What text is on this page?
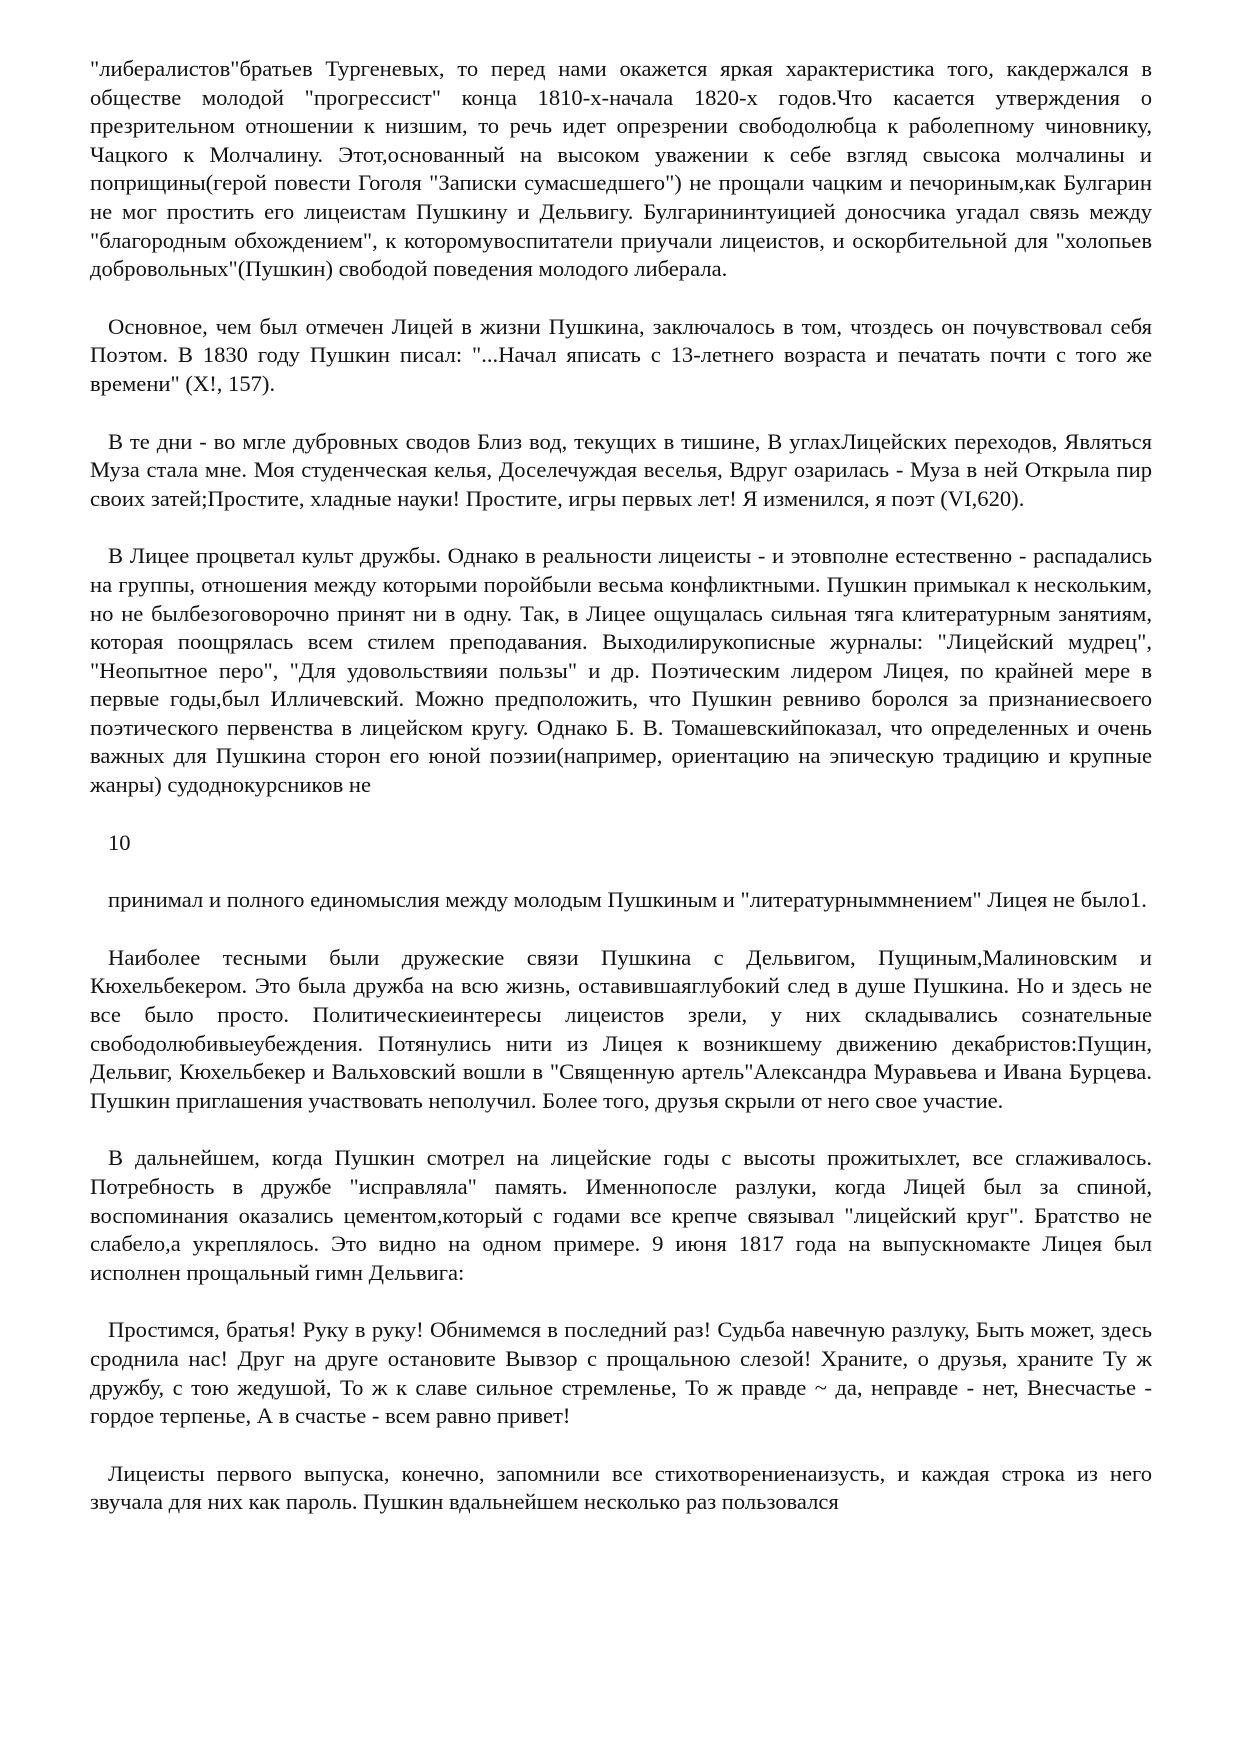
"либералистов"братьев Тургеневых, то перед нами окажется яркая характеристика того, какдержался в обществе молодой "прогрессист" конца 1810-х-начала 1820-х годов.Что касается утверждения о презрительном отношении к низшим, то речь идет опрезрении свободолюбца к раболепному чиновнику, Чацкого к Молчалину. Этот,основанный на высоком уважении к себе взгляд свысока молчалины и поприщины(герой повести Гоголя "Записки сумасшедшего") не прощали чацким и печориным,как Булгарин не мог простить его лицеистам Пушкину и Дельвигу. Булгарининтуицией доносчика угадал связь между "благородным обхождением", к которомувоспитатели приучали лицеистов, и оскорбительной для "холопьев добровольных"(Пушкин) свободой поведения молодого либерала.

Основное, чем был отмечен Лицей в жизни Пушкина, заключалось в том, чтоздесь он почувствовал себя Поэтом. В 1830 году Пушкин писал: "...Начал яписать с 13-летнего возраста и печатать почти с того же времени" (X!, 157).

В те дни - во мгле дубровных сводов Близ вод, текущих в тишине, В углахЛицейских переходов, Являться Муза стала мне. Моя студенческая келья, Доселечуждая веселья, Вдруг озарилась - Муза в ней Открыла пир своих затей;Простите, хладные науки! Простите, игры первых лет! Я изменился, я поэт (VI,620).

В Лицее процветал культ дружбы. Однако в реальности лицеисты - и этовполне естественно - распадались на группы, отношения между которыми поройбыли весьма конфликтными. Пушкин примыкал к нескольким, но не былбезоговорочно принят ни в одну. Так, в Лицее ощущалась сильная тяга клитературным занятиям, которая поощрялась всем стилем преподавания. Выходилирукописные журналы: "Лицейский мудрец", "Неопытное перо", "Для удовольствияи пользы" и др. Поэтическим лидером Лицея, по крайней мере в первые годы,был Илличевский. Можно предположить, что Пушкин ревниво боролся за признаниесвоего поэтического первенства в лицейском кругу. Однако Б. В. Томашевскийпоказал, что определенных и очень важных для Пушкина сторон его юной поэзии(например, ориентацию на эпическую традицию и крупные жанры) судоднокурсников не

10

принимал и полного единомыслия между молодым Пушкиным и "литературныммнением" Лицея не было1.

Наиболее тесными были дружеские связи Пушкина с Дельвигом, Пущиным,Малиновским и Кюхельбекером. Это была дружба на всю жизнь, оставившаяглубокий след в душе Пушкина. Но и здесь не все было просто. Политическиеинтересы лицеистов зрели, у них складывались сознательные свободолюбивыеубеждения. Потянулись нити из Лицея к возникшему движению декабристов:Пущин, Дельвиг, Кюхельбекер и Вальховский вошли в "Священную артель"Александра Муравьева и Ивана Бурцева. Пушкин приглашения участвовать неполучил. Более того, друзья скрыли от него свое участие.

В дальнейшем, когда Пушкин смотрел на лицейские годы с высоты прожитыхлет, все сглаживалось. Потребность в дружбе "исправляла" память. Именнопосле разлуки, когда Лицей был за спиной, воспоминания оказались цементом,который с годами все крепче связывал "лицейский круг". Братство не слабело,а укреплялось. Это видно на одном примере. 9 июня 1817 года на выпускномакте Лицея был исполнен прощальный гимн Дельвига:

Простимся, братья! Руку в руку! Обнимемся в последний раз! Судьба навечную разлуку, Быть может, здесь сроднила нас! Друг на друге остановите Вывзор с прощальною слезой! Храните, о друзья, храните Ту ж дружбу, с тою жедушой, То ж к славе сильное стремленье, То ж правде ~ да, неправде - нет, Внесчастье - гордое терпенье, А в счастье - всем равно привет!

Лицеисты первого выпуска, конечно, запомнили все стихотворениенаизусть, и каждая строка из него звучала для них как пароль. Пушкин вдальнейшем несколько раз пользовался
